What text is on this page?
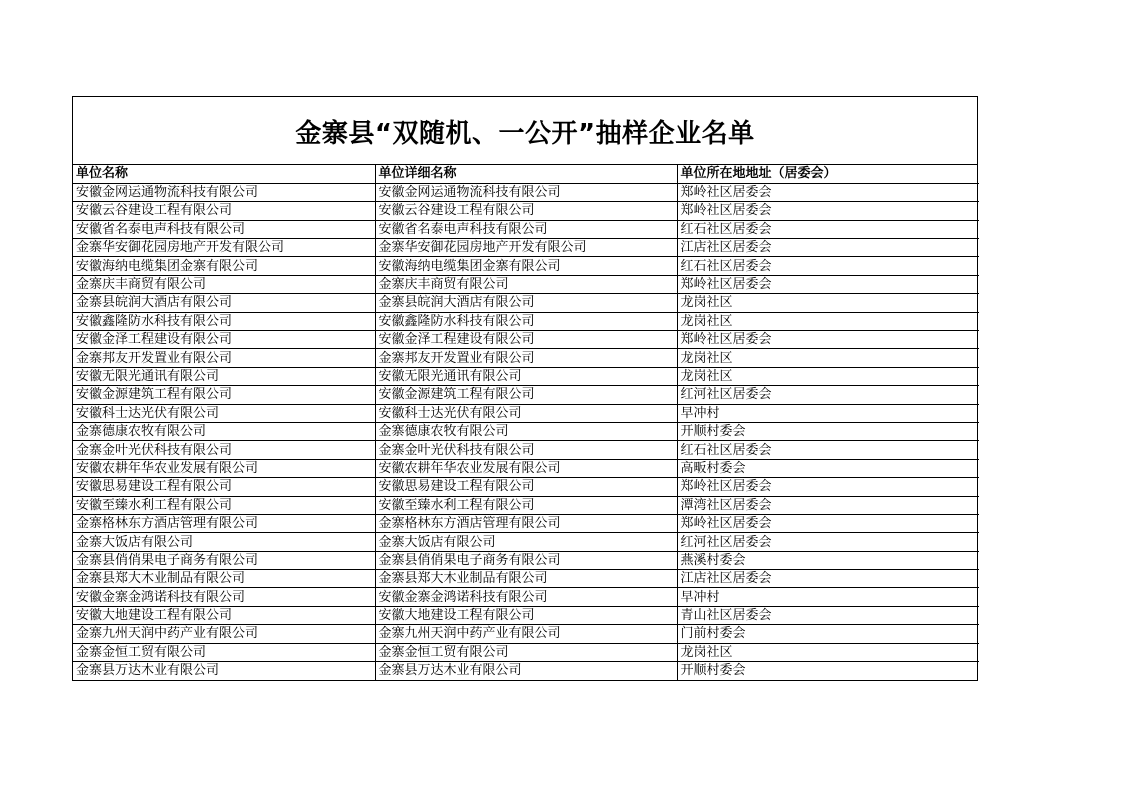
金寨县“双随机、一公开”抽样企业名单
单位名称	单位详细名称	单位所在地地址（居委会）
安徽金网运通物流科技有限公司	安徽金网运通物流科技有限公司	郑岭社区居委会
安徽云谷建设工程有限公司	安徽云谷建设工程有限公司	郑岭社区居委会
安徽省名泰电声科技有限公司	安徽省名泰电声科技有限公司	红石社区居委会
金寨华安御花园房地产开发有限公司	金寨华安御花园房地产开发有限公司	江店社区居委会
安徽海纳电缆集团金寨有限公司	安徽海纳电缆集团金寨有限公司	红石社区居委会
金寨庆丰商贸有限公司	金寨庆丰商贸有限公司	郑岭社区居委会
金寨县皖润大酒店有限公司	金寨县皖润大酒店有限公司	龙岗社区
安徽鑫隆防水科技有限公司	安徽鑫隆防水科技有限公司	龙岗社区
安徽金泽工程建设有限公司	安徽金泽工程建设有限公司	郑岭社区居委会
金寨邦友开发置业有限公司	金寨邦友开发置业有限公司	龙岗社区
安徽无限光通讯有限公司	安徽无限光通讯有限公司	龙岗社区
安徽金源建筑工程有限公司	安徽金源建筑工程有限公司	红河社区居委会
安徽科士达光伏有限公司	安徽科士达光伏有限公司	早冲村
金寨德康农牧有限公司	金寨德康农牧有限公司	开顺村委会
金寨金叶光伏科技有限公司	金寨金叶光伏科技有限公司	红石社区居委会
安徽农耕年华农业发展有限公司	安徽农耕年华农业发展有限公司	高畈村委会
安徽思易建设工程有限公司	安徽思易建设工程有限公司	郑岭社区居委会
安徽至臻水利工程有限公司	安徽至臻水利工程有限公司	潭湾社区居委会
金寨格林东方酒店管理有限公司	金寨格林东方酒店管理有限公司	郑岭社区居委会
金寨大饭店有限公司	金寨大饭店有限公司	红河社区居委会
金寨县俏俏果电子商务有限公司	金寨县俏俏果电子商务有限公司	燕溪村委会
金寨县郑大木业制品有限公司	金寨县郑大木业制品有限公司	江店社区居委会
安徽金寨金鸿诺科技有限公司	安徽金寨金鸿诺科技有限公司	早冲村
安徽大地建设工程有限公司	安徽大地建设工程有限公司	青山社区居委会
金寨九州天润中药产业有限公司	金寨九州天润中药产业有限公司	门前村委会
金寨金恒工贸有限公司	金寨金恒工贸有限公司	龙岗社区
金寨县万达木业有限公司	金寨县万达木业有限公司	开顺村委会
